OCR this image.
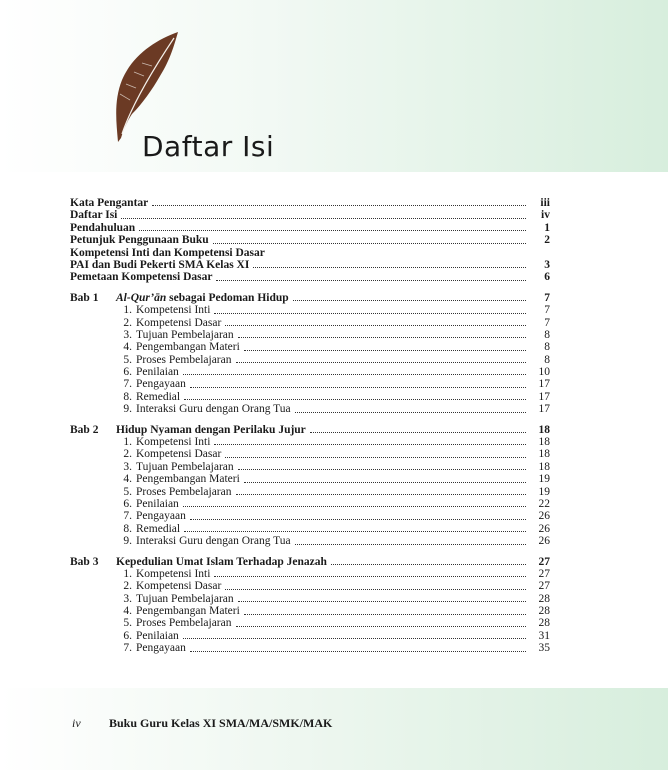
Daftar Isi
Kata Pengantar	iii
Daftar Isi	iv
Pendahuluan	1
Petunjuk Penggunaan Buku	2
Kompetensi Inti dan Kompetensi Dasar
PAI dan Budi Pekerti SMA Kelas XI	3
Pemetaan Kompetensi Dasar	6
Bab 1 Al-Qur’ān sebagai Pedoman Hidup	7
1. Kompetensi Inti	7
2. Kompetensi Dasar	7
3. Tujuan Pembelajaran	8
4. Pengembangan Materi	8
5. Proses Pembelajaran	8
6. Penilaian	10
7. Pengayaan	17
8. Remedial	17
9. Interaksi Guru dengan Orang Tua	17
Bab 2 Hidup Nyaman dengan Perilaku Jujur	18
1. Kompetensi Inti	18
2. Kompetensi Dasar	18
3. Tujuan Pembelajaran	18
4. Pengembangan Materi	19
5. Proses Pembelajaran	19
6. Penilaian	22
7. Pengayaan	26
8. Remedial	26
9. Interaksi Guru dengan Orang Tua	26
Bab 3 Kepedulian Umat Islam Terhadap Jenazah	27
1. Kompetensi Inti	27
2. Kompetensi Dasar	27
3. Tujuan Pembelajaran	28
4. Pengembangan Materi	28
5. Proses Pembelajaran	28
6. Penilaian	31
7. Pengayaan	35
iv Buku Guru Kelas XI SMA/MA/SMK/MAK
